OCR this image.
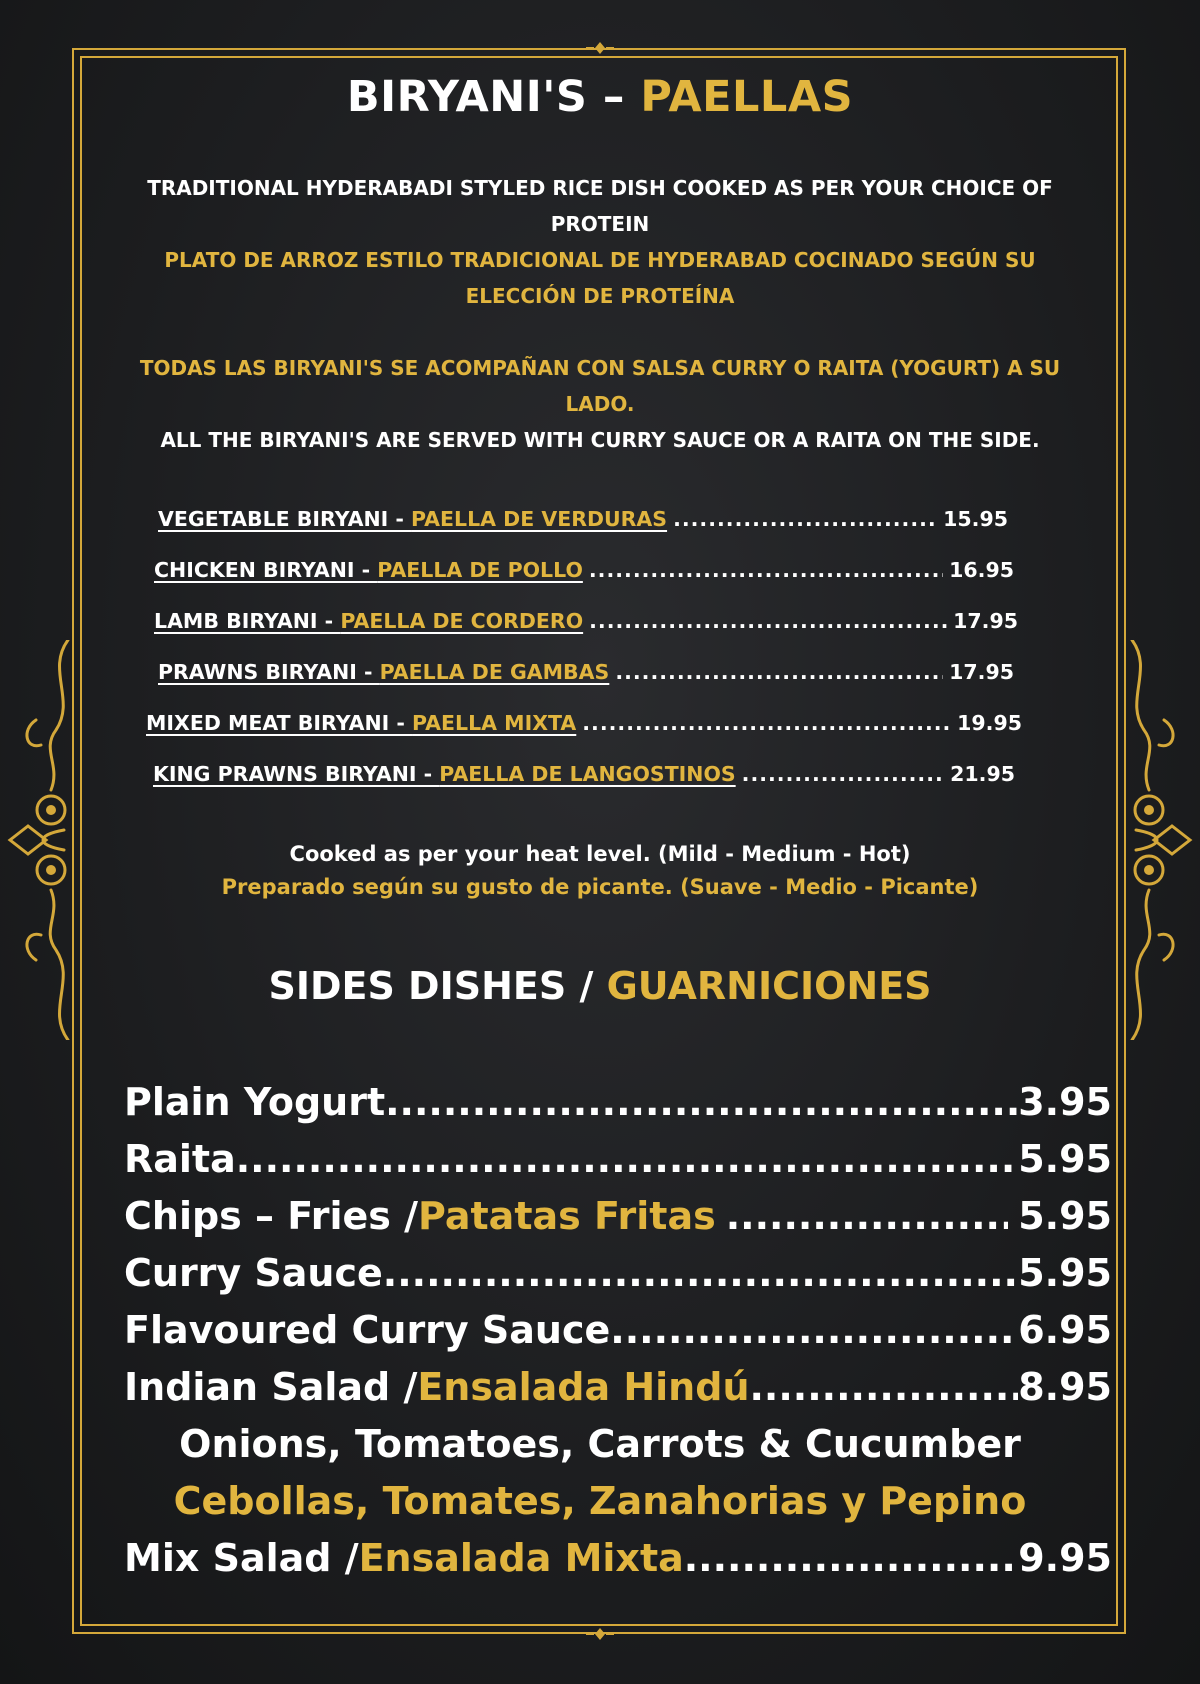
BIRYANI'S – PAELLAS
TRADITIONAL HYDERABADI STYLED RICE DISH COOKED AS PER YOUR CHOICE OF
PROTEIN
PLATO DE ARROZ ESTILO TRADICIONAL DE HYDERABAD COCINADO SEGÚN SU
ELECCIÓN DE PROTEÍNA
TODAS LAS BIRYANI'S SE ACOMPAÑAN CON SALSA CURRY O RAITA (YOGURT) A SU
LADO.
ALL THE BIRYANI'S ARE SERVED WITH CURRY SAUCE OR A RAITA ON THE SIDE.
VEGETABLE BIRYANI - PAELLA DE VERDURAS .....	15.95
CHICKEN BIRYANI - PAELLA DE POLLO .....	16.95
LAMB BIRYANI - PAELLA DE CORDERO .....	17.95
PRAWNS BIRYANI - PAELLA DE GAMBAS .....	17.95
MIXED MEAT BIRYANI - PAELLA MIXTA .....	19.95
KING PRAWNS BIRYANI - PAELLA DE LANGOSTINOS .....	21.95
Cooked as per your heat level. (Mild - Medium - Hot)
Preparado según su gusto de picante. (Suave - Medio - Picante)
SIDES DISHES / GUARNICIONES
Plain Yogurt .....	3.95
Raita .....	5.95
Chips – Fries / Patatas Fritas .....	5.95
Curry Sauce .....	5.95
Flavoured Curry Sauce .....	6.95
Indian Salad / Ensalada Hindú .....	8.95
Onions, Tomatoes, Carrots & Cucumber
Cebollas, Tomates, Zanahorias y Pepino
Mix Salad / Ensalada Mixta .....	9.95
